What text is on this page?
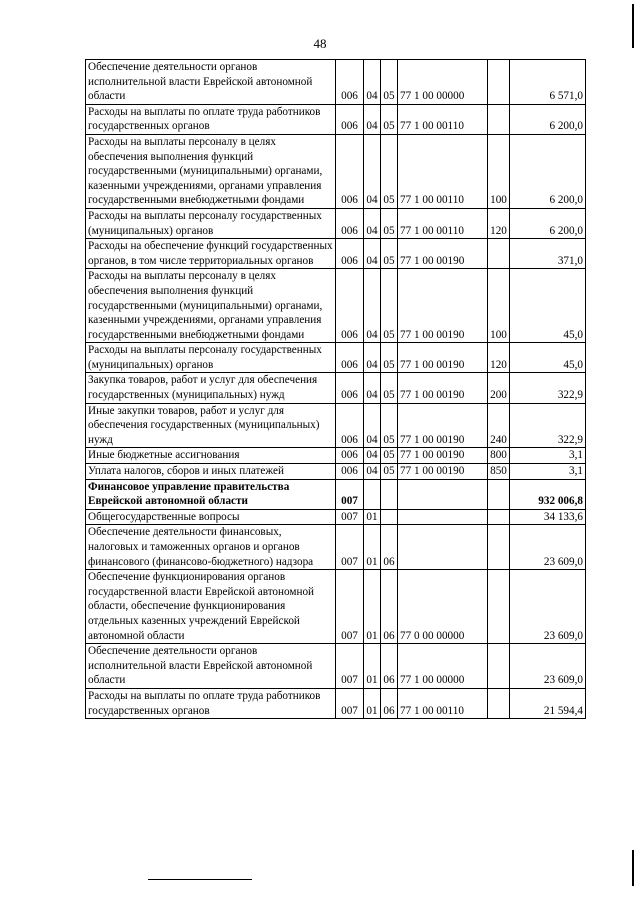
48
Обеспечение деятельности органов исполнительной власти Еврейской автономной области	006	04	05	77 1 00 00000		6 571,0
Расходы на выплаты по оплате труда работников государственных органов	006	04	05	77 1 00 00110		6 200,0
Расходы на выплаты персоналу в целях обеспечения выполнения функций государственными (муниципальными) органами, казенными учреждениями, органами управления государственными внебюджетными фондами	006	04	05	77 1 00 00110	100	6 200,0
Расходы на выплаты персоналу государственных (муниципальных) органов	006	04	05	77 1 00 00110	120	6 200,0
Расходы на обеспечение функций государственных органов, в том числе территориальных органов	006	04	05	77 1 00 00190		371,0
Расходы на выплаты персоналу в целях обеспечения выполнения функций государственными (муниципальными) органами, казенными учреждениями, органами управления государственными внебюджетными фондами	006	04	05	77 1 00 00190	100	45,0
Расходы на выплаты персоналу государственных (муниципальных) органов	006	04	05	77 1 00 00190	120	45,0
Закупка товаров, работ и услуг для обеспечения государственных (муниципальных) нужд	006	04	05	77 1 00 00190	200	322,9
Иные закупки товаров, работ и услуг для обеспечения государственных (муниципальных) нужд	006	04	05	77 1 00 00190	240	322,9
Иные бюджетные ассигнования	006	04	05	77 1 00 00190	800	3,1
Уплата налогов, сборов и иных платежей	006	04	05	77 1 00 00190	850	3,1
Финансовое управление правительства Еврейской автономной области	007					932 006,8
Общегосударственные вопросы	007	01				34 133,6
Обеспечение деятельности финансовых, налоговых и таможенных органов и органов финансового (финансово-бюджетного) надзора	007	01	06			23 609,0
Обеспечение функционирования органов государственной власти Еврейской автономной области, обеспечение функционирования отдельных казенных учреждений Еврейской автономной области	007	01	06	77 0 00 00000		23 609,0
Обеспечение деятельности органов исполнительной власти Еврейской автономной области	007	01	06	77 1 00 00000		23 609,0
Расходы на выплаты по оплате труда работников государственных органов	007	01	06	77 1 00 00110		21 594,4
